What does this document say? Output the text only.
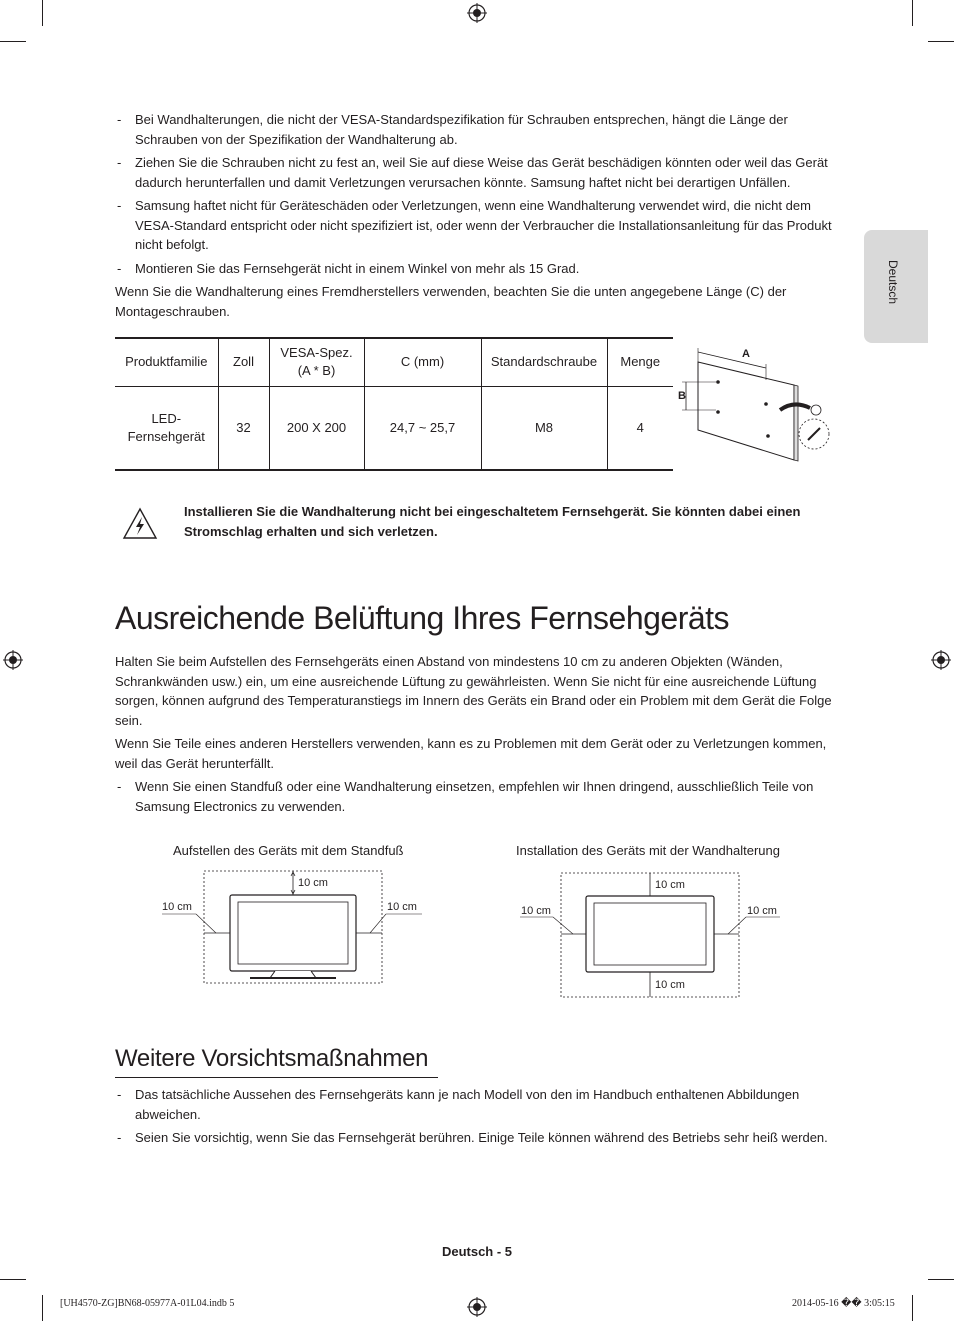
Deutsch
- Bei Wandhalterungen, die nicht der VESA-Standardspezifikation für Schrauben entsprechen, hängt die Länge der Schrauben von der Spezifikation der Wandhalterung ab.
- Ziehen Sie die Schrauben nicht zu fest an, weil Sie auf diese Weise das Gerät beschädigen könnten oder weil das Gerät dadurch herunterfallen und damit Verletzungen verursachen könnte. Samsung haftet nicht bei derartigen Unfällen.
- Samsung haftet nicht für Geräteschäden oder Verletzungen, wenn eine Wandhalterung verwendet wird, die nicht dem VESA-Standard entspricht oder nicht spezifiziert ist, oder wenn der Verbraucher die Installationsanleitung für das Produkt nicht befolgt.
- Montieren Sie das Fernsehgerät nicht in einem Winkel von mehr als 15 Grad.
Wenn Sie die Wandhalterung eines Fremdherstellers verwenden, beachten Sie die unten angegebene Länge (C) der Montageschrauben.
Produktfamilie	Zoll	VESA-Spez. (A * B)	C (mm)	Standardschraube	Menge
LED- Fernsehgerät	32	200 X 200	24,7 ~ 25,7	M8	4
A
B
Installieren Sie die Wandhalterung nicht bei eingeschaltetem Fernsehgerät. Sie könnten dabei einen Stromschlag erhalten und sich verletzen.
Ausreichende Belüftung Ihres Fernsehgeräts
Halten Sie beim Aufstellen des Fernsehgeräts einen Abstand von mindestens 10 cm zu anderen Objekten (Wänden, Schrankwänden usw.) ein, um eine ausreichende Lüftung zu gewährleisten. Wenn Sie nicht für eine ausreichende Lüftung sorgen, können aufgrund des Temperaturanstiegs im Innern des Geräts ein Brand oder ein Problem mit dem Gerät die Folge sein.
Wenn Sie Teile eines anderen Herstellers verwenden, kann es zu Problemen mit dem Gerät oder zu Verletzungen kommen, weil das Gerät herunterfällt.
- Wenn Sie einen Standfuß oder eine Wandhalterung einsetzen, empfehlen wir Ihnen dringend, ausschließlich Teile von Samsung Electronics zu verwenden.
Aufstellen des Geräts mit dem Standfuß	Installation des Geräts mit der Wandhalterung
10 cm
10 cm	10 cm
10 cm
10 cm
10 cm	10 cm
Weitere Vorsichtsmaßnahmen
- Das tatsächliche Aussehen des Fernsehgeräts kann je nach Modell von den im Handbuch enthaltenen Abbildungen abweichen.
- Seien Sie vorsichtig, wenn Sie das Fernsehgerät berühren. Einige Teile können während des Betriebs sehr heiß werden.
Deutsch - 5
[UH4570-ZG]BN68-05977A-01L04.indb 5	2014-05-16 �� 3:05:15
